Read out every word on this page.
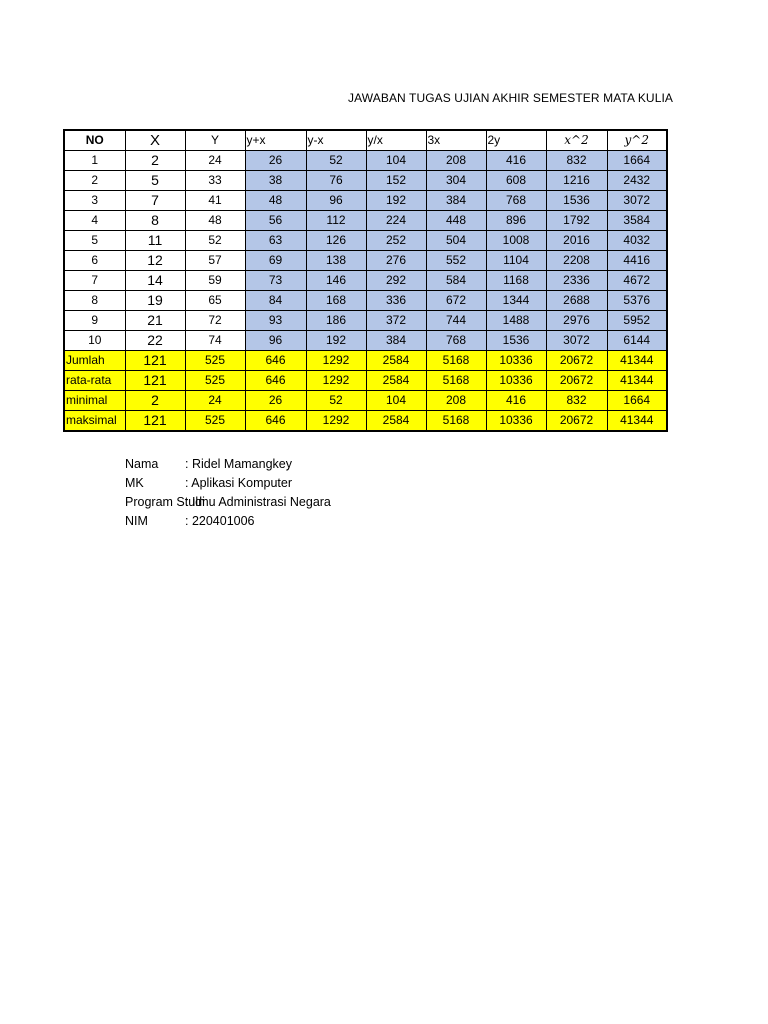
JAWABAN TUGAS UJIAN AKHIR SEMESTER MATA KULIA
NO	X	Y	y+x	y-x	y/x	3x	2y	x^2	y^2
1	2	24	26	52	104	208	416	832	1664
2	5	33	38	76	152	304	608	1216	2432
3	7	41	48	96	192	384	768	1536	3072
4	8	48	56	112	224	448	896	1792	3584
5	11	52	63	126	252	504	1008	2016	4032
6	12	57	69	138	276	552	1104	2208	4416
7	14	59	73	146	292	584	1168	2336	4672
8	19	65	84	168	336	672	1344	2688	5376
9	21	72	93	186	372	744	1488	2976	5952
10	22	74	96	192	384	768	1536	3072	6144
Jumlah	121	525	646	1292	2584	5168	10336	20672	41344
rata-rata	121	525	646	1292	2584	5168	10336	20672	41344
minimal	2	24	26	52	104	208	416	832	1664
maksimal	121	525	646	1292	2584	5168	10336	20672	41344
Nama : Ridel Mamangkey
MK	: Aplikasi Komputer
Program Studi: Ilmu Administrasi Negara
NIM	: 220401006
